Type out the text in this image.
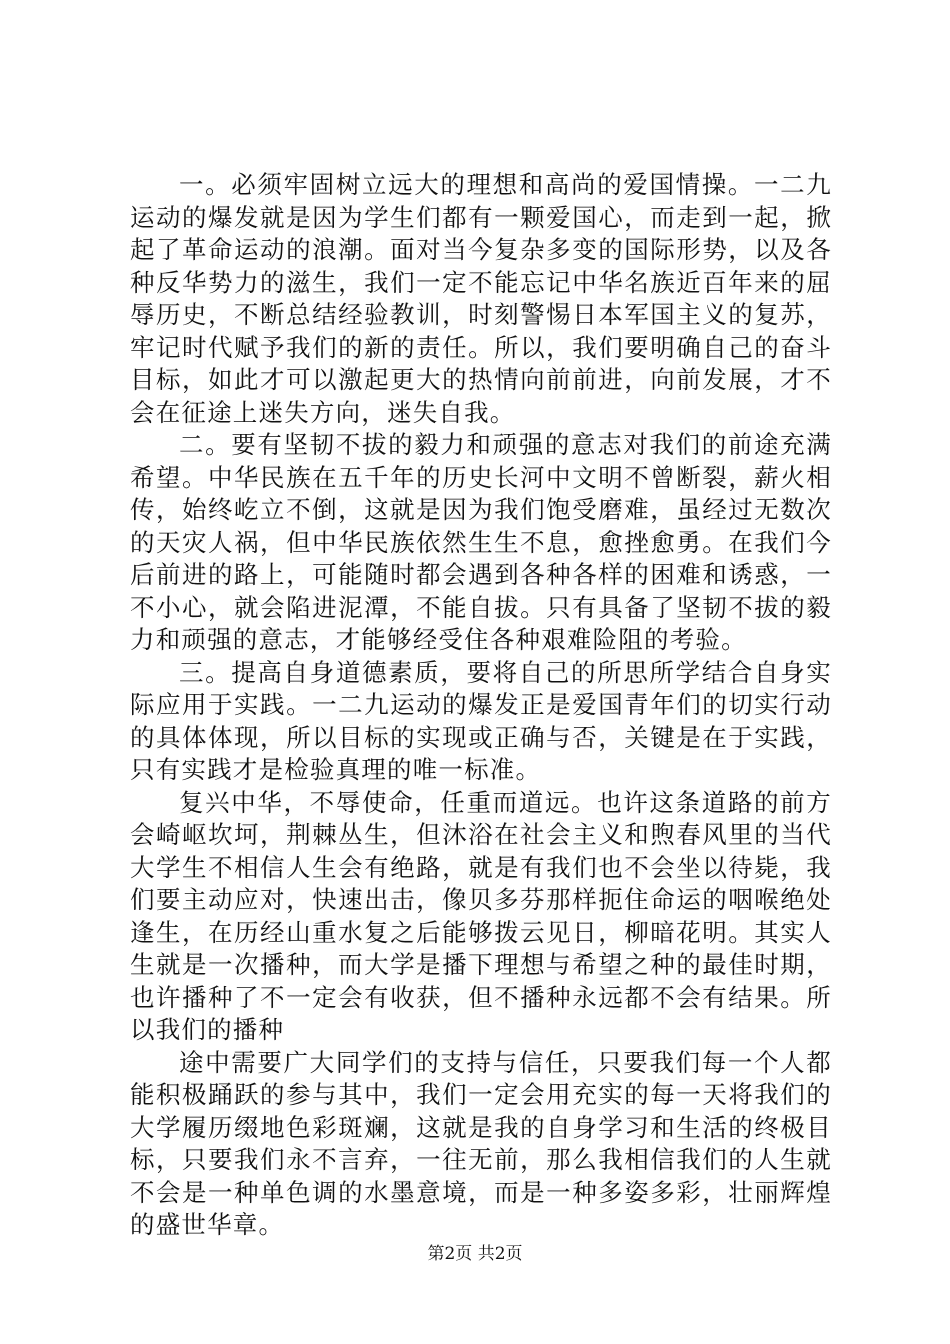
一。必须牢固树立远大的理想和高尚的爱国情操。一二九运动的爆发就是因为学生们都有一颗爱国心，而走到一起，掀起了革命运动的浪潮。面对当今复杂多变的国际形势，以及各种反华势力的滋生，我们一定不能忘记中华名族近百年来的屈辱历史，不断总结经验教训，时刻警惕日本军国主义的复苏，牢记时代赋予我们的新的责任。所以，我们要明确自己的奋斗目标，如此才可以激起更大的热情向前前进，向前发展，才不会在征途上迷失方向，迷失自我。

二。要有坚韧不拔的毅力和顽强的意志对我们的前途充满希望。中华民族在五千年的历史长河中文明不曾断裂，薪火相传，始终屹立不倒，这就是因为我们饱受磨难，虽经过无数次的天灾人祸，但中华民族依然生生不息，愈挫愈勇。在我们今后前进的路上，可能随时都会遇到各种各样的困难和诱惑，一不小心，就会陷进泥潭，不能自拔。只有具备了坚韧不拔的毅力和顽强的意志，才能够经受住各种艰难险阻的考验。

三。提高自身道德素质，要将自己的所思所学结合自身实际应用于实践。一二九运动的爆发正是爱国青年们的切实行动的具体体现，所以目标的实现或正确与否，关键是在于实践，只有实践才是检验真理的唯一标准。

复兴中华，不辱使命，任重而道远。也许这条道路的前方会崎岖坎坷，荆棘丛生，但沐浴在社会主义和煦春风里的当代大学生不相信人生会有绝路，就是有我们也不会坐以待毙，我们要主动应对，快速出击，像贝多芬那样扼住命运的咽喉绝处逢生，在历经山重水复之后能够拨云见日，柳暗花明。其实人生就是一次播种，而大学是播下理想与希望之种的最佳时期，也许播种了不一定会有收获，但不播种永远都不会有结果。所以我们的播种

途中需要广大同学们的支持与信任，只要我们每一个人都能积极踊跃的参与其中，我们一定会用充实的每一天将我们的大学履历缀地色彩斑斓，这就是我的自身学习和生活的终极目标，只要我们永不言弃，一往无前，那么我相信我们的人生就不会是一种单色调的水墨意境，而是一种多姿多彩，壮丽辉煌的盛世华章。

第2页 共2页
